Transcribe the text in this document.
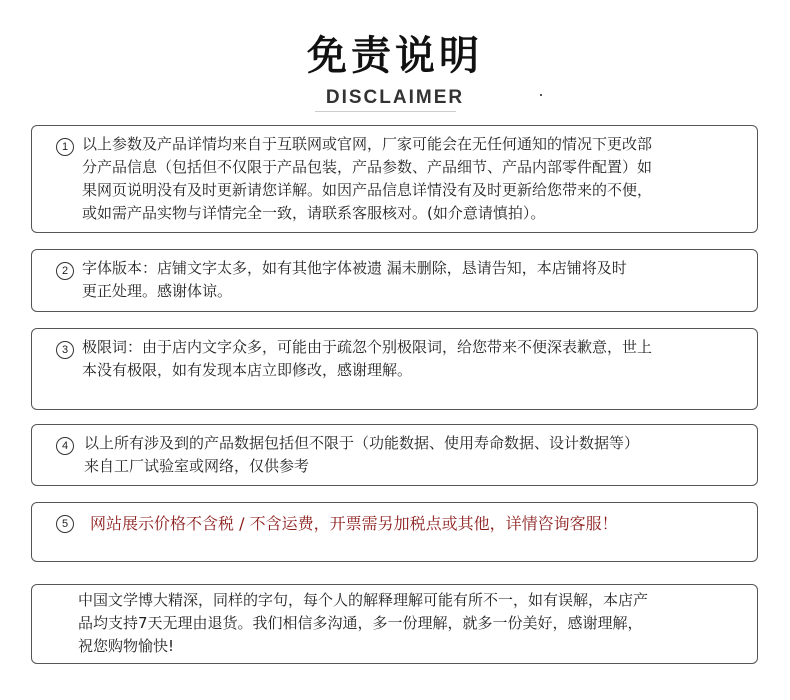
免责说明
DISCLAIMER
1 以上参数及产品详情均来自于互联网或官网，厂家可能会在无任何通知的情况下更改部
分产品信息（包括但不仅限于产品包装，产品参数、产品细节、产品内部零件配置）如
果网页说明没有及时更新请您详解。如因产品信息详情没有及时更新给您带来的不便，
或如需产品实物与详情完全一致，请联系客服核对。(如介意请慎拍）。
2 字体版本：店铺文字太多，如有其他字体被遗 漏未删除，恳请告知，本店铺将及时
更正处理。感谢体谅。
3 极限词：由于店内文字众多，可能由于疏忽个别极限词，给您带来不便深表歉意，世上
本没有极限，如有发现本店立即修改，感谢理解。
4	以上所有涉及到的产品数据包括但不限于（功能数据、使用寿命数据、设计数据等）
来自工厂试验室或网络，仅供参考
5	网站展示价格不含税 / 不含运费，开票需另加税点或其他，详情咨询客服！
中国文学博大精深，同样的字句，每个人的解释理解可能有所不一，如有误解，本店产
品均支持7天无理由退货。我们相信多沟通，多一份理解，就多一份美好，感谢理解，
祝您购物愉快!
